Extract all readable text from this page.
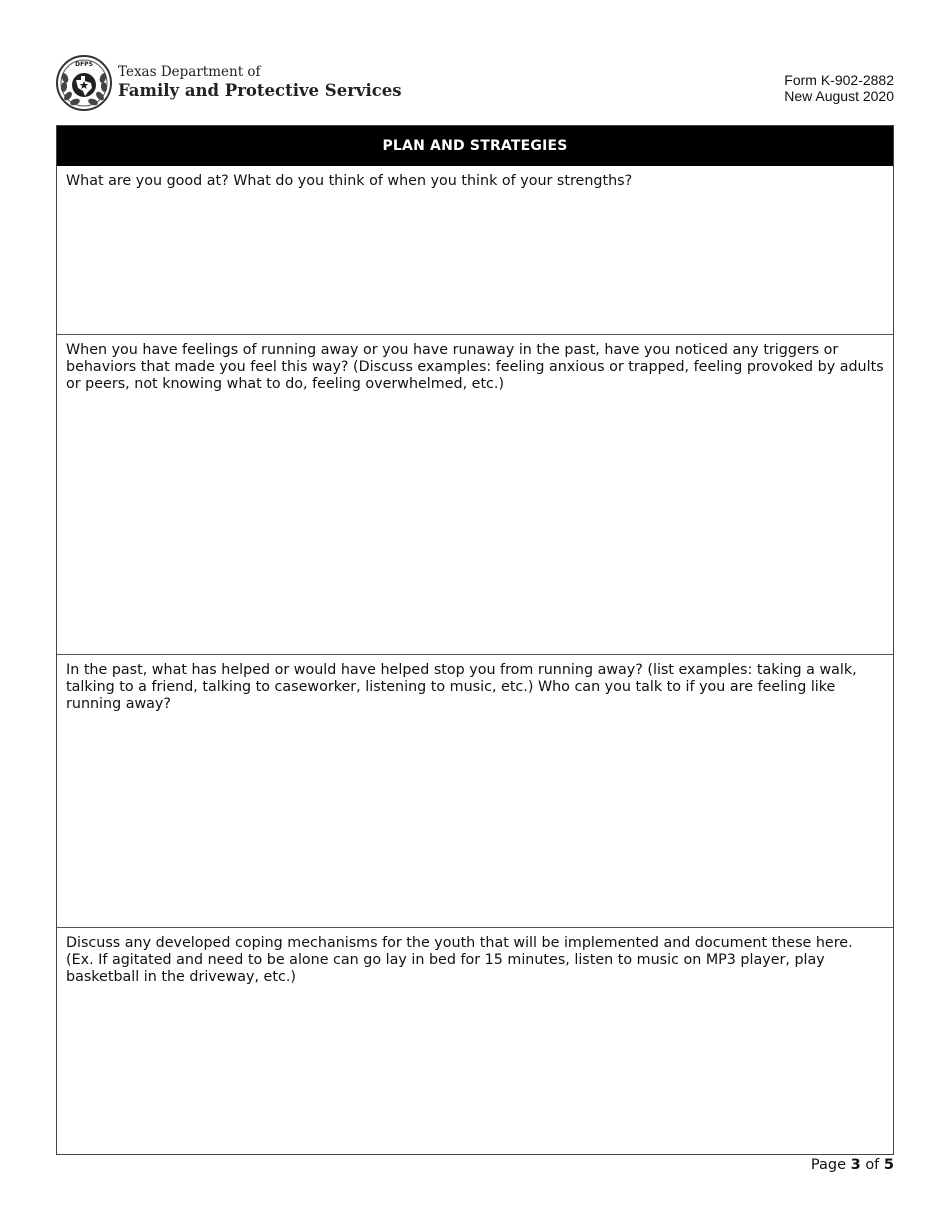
DFPS Texas Department of
Family and Protective Services
Form K-902-2882
New August 2020
PLAN AND STRATEGIES
What are you good at? What do you think of when you think of your strengths?
When you have feelings of running away or you have runaway in the past, have you noticed any triggers or behaviors that made you feel this way? (Discuss examples: feeling anxious or trapped, feeling provoked by adults or peers, not knowing what to do, feeling overwhelmed, etc.)
In the past, what has helped or would have helped stop you from running away? (list examples: taking a walk, talking to a friend, talking to caseworker, listening to music, etc.) Who can you talk to if you are feeling like running away?
Discuss any developed coping mechanisms for the youth that will be implemented and document these here. (Ex. If agitated and need to be alone can go lay in bed for 15 minutes, listen to music on MP3 player, play basketball in the driveway, etc.)
Page 3 of 5
